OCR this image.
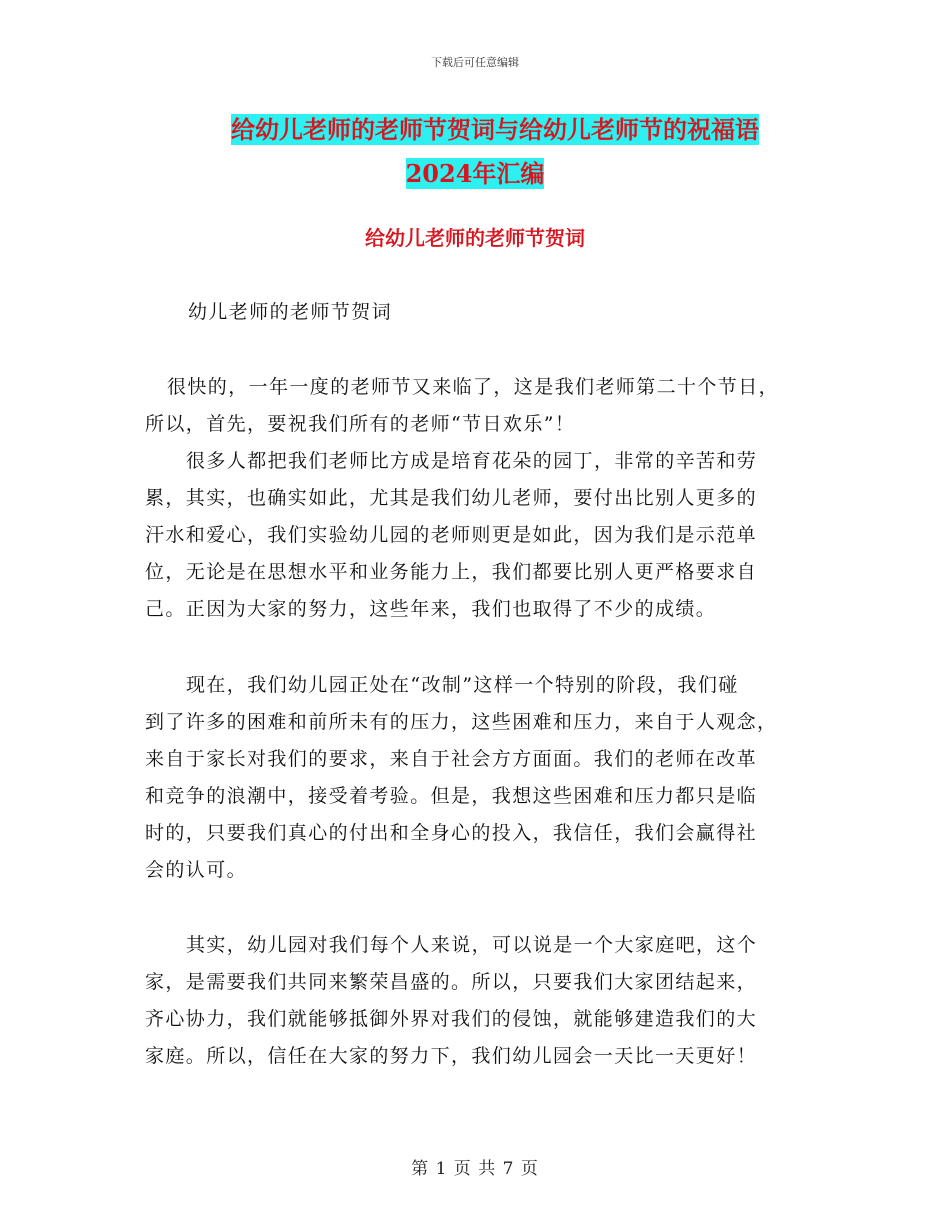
下载后可任意编辑
给幼儿老师的老师节贺词与给幼儿老师节的祝福语
2024年汇编
给幼儿老师的老师节贺词
幼儿老师的老师节贺词
很快的，一年一度的老师节又来临了，这是我们老师第二十个节日，
所以，首先，要祝我们所有的老师“节日欢乐”！
很多人都把我们老师比方成是培育花朵的园丁，非常的辛苦和劳
累，其实，也确实如此，尤其是我们幼儿老师，要付出比别人更多的
汗水和爱心，我们实验幼儿园的老师则更是如此，因为我们是示范单
位，无论是在思想水平和业务能力上，我们都要比别人更严格要求自
己。正因为大家的努力，这些年来，我们也取得了不少的成绩。
现在，我们幼儿园正处在“改制”这样一个特别的阶段，我们碰
到了许多的困难和前所未有的压力，这些困难和压力，来自于人观念，
来自于家长对我们的要求，来自于社会方方面面。我们的老师在改革
和竞争的浪潮中，接受着考验。但是，我想这些困难和压力都只是临
时的，只要我们真心的付出和全身心的投入，我信任，我们会赢得社
会的认可。
其实，幼儿园对我们每个人来说，可以说是一个大家庭吧，这个
家，是需要我们共同来繁荣昌盛的。所以，只要我们大家团结起来，
齐心协力，我们就能够抵御外界对我们的侵蚀，就能够建造我们的大
家庭。所以，信任在大家的努力下，我们幼儿园会一天比一天更好！
第 1 页 共 7 页
